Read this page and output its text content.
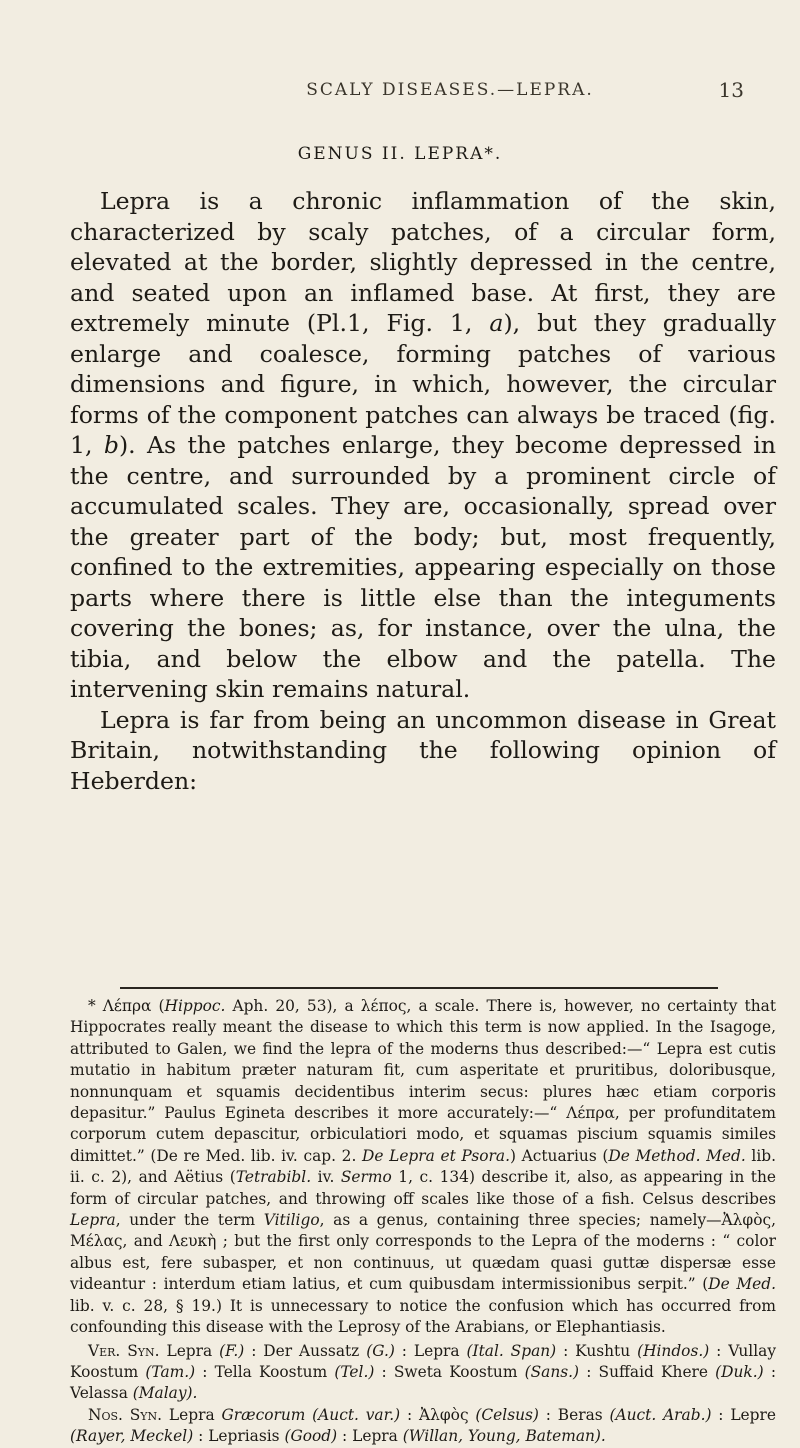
SCALY DISEASES.—LEPRA.	13
GENUS II. LEPRA*.

Lepra is a chronic inflammation of the skin, characterized by scaly patches, of a circular form, elevated at the border, slightly depressed in the centre, and seated upon an inflamed base. At first, they are extremely minute (Pl.1, Fig. 1, a), but they gradually enlarge and coalesce, forming patches of various dimensions and figure, in which, however, the circular forms of the component patches can always be traced (fig. 1, b). As the patches enlarge, they become depressed in the centre, and surrounded by a prominent circle of accumulated scales. They are, occasionally, spread over the greater part of the body; but, most frequently, confined to the extremities, appearing especially on those parts where there is little else than the integuments covering the bones; as, for instance, over the ulna, the tibia, and below the elbow and the patella. The intervening skin remains natural.

Lepra is far from being an uncommon disease in Great Britain, notwithstanding the following opinion of Heberden:

* Λέπρα (Hippoc. Aph. 20, 53), a λέπος, a scale. There is, however, no certainty that Hippocrates really meant the disease to which this term is now applied. In the Isagoge, attributed to Galen, we find the lepra of the moderns thus described:—“ Lepra est cutis mutatio in habitum præter naturam fit, cum asperitate et pruritibus, doloribusque, nonnunquam et squamis decidentibus interim secus: plures hæc etiam corporis depasitur.” Paulus Egineta describes it more accurately:—“ Λέπρα, per profunditatem corporum cutem depascitur, orbiculatiori modo, et squamas piscium squamis similes dimittet.” (De re Med. lib. iv. cap. 2. De Lepra et Psora.) Actuarius (De Method. Med. lib. ii. c. 2), and Aëtius (Tetrabibl. iv. Sermo 1, c. 134) describe it, also, as appearing in the form of circular patches, and throwing off scales like those of a fish. Celsus describes Lepra, under the term Vitiligo, as a genus, containing three species; namely—Ἀλφὸς, Μέλας, and Λευκὴ ; but the first only corresponds to the Lepra of the moderns : “ color albus est, fere subasper, et non continuus, ut quædam quasi guttæ dispersæ esse videantur : interdum etiam latius, et cum quibusdam intermissionibus serpit.” (De Med. lib. v. c. 28, § 19.) It is unnecessary to notice the confusion which has occurred from confounding this disease with the Leprosy of the Arabians, or Elephantiasis.

Ver. Syn. Lepra (F.) : Der Aussatz (G.) : Lepra (Ital. Span) : Kushtu (Hindos.) : Vullay Koostum (Tam.) : Tella Koostum (Tel.) : Sweta Koostum (Sans.) : Suffaid Khere (Duk.) : Velassa (Malay).

Nos. Syn. Lepra Græcorum (Auct. var.) : Ἀλφὸς (Celsus) : Beras (Auct. Arab.) : Lepre (Rayer, Meckel) : Lepriasis (Good) : Lepra (Willan, Young, Bateman).
